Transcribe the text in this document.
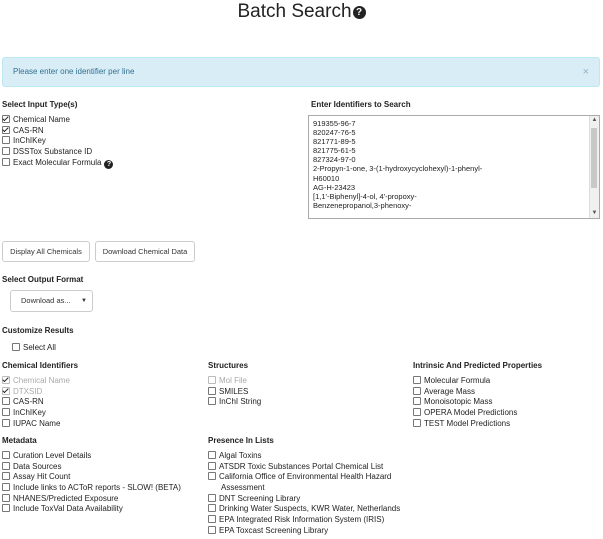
Batch Search ?
Please enter one identifier per line	×
Select Input Type(s)
Chemical Name
CAS-RN
InChIKey
DSSTox Substance ID
Exact Molecular Formula ?
Enter Identifiers to Search
919355-96-7
820247-76-5
821771-89-5
821775-61-5
827324-97-0
2-Propyn-1-one, 3-(1-hydroxycyclohexyl)-1-phenyl-
H60010
AG-H-23423
[1,1'-Biphenyl]-4-ol, 4'-propoxy-
Benzenepropanol,3-phenoxy-
▲
▼
Display All Chemicals	Download Chemical Data
Select Output Format
Download as... ▼
Customize Results
Select All
Chemical Identifiers
Chemical Name
DTXSID
CAS-RN
InChIKey
IUPAC Name
Structures
Mol File
SMILES
InChI String
Intrinsic And Predicted Properties
Molecular Formula
Average Mass
Monoisotopic Mass
OPERA Model Predictions
TEST Model Predictions
Metadata
Curation Level Details
Data Sources
Assay Hit Count
Include links to ACToR reports - SLOW! (BETA)
NHANES/Predicted Exposure
Include ToxVal Data Availability
Presence In Lists
Algal Toxins
ATSDR Toxic Substances Portal Chemical List
California Office of Environmental Health Hazard Assessment
DNT Screening Library
Drinking Water Suspects, KWR Water, Netherlands
EPA Integrated Risk Information System (IRIS)
EPA Toxcast Screening Library
